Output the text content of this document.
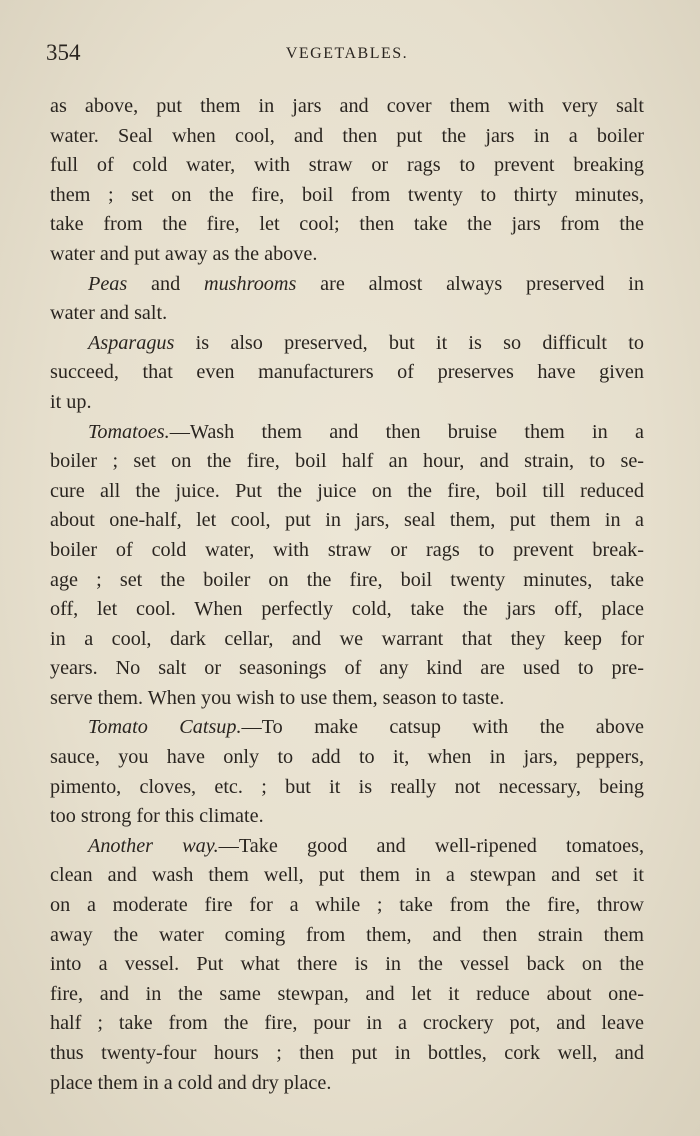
354	VEGETABLES.
as above, put them in jars and cover them with very salt
water. Seal when cool, and then put the jars in a boiler
full of cold water, with straw or rags to prevent breaking
them ; set on the fire, boil from twenty to thirty minutes,
take from the fire, let cool; then take the jars from the
water and put away as the above.
Peas and mushrooms are almost always preserved in
water and salt.
Asparagus is also preserved, but it is so difficult to
succeed, that even manufacturers of preserves have given
it up.
Tomatoes.—Wash them and then bruise them in a
boiler ; set on the fire, boil half an hour, and strain, to se-
cure all the juice. Put the juice on the fire, boil till reduced
about one-half, let cool, put in jars, seal them, put them in a
boiler of cold water, with straw or rags to prevent break-
age ; set the boiler on the fire, boil twenty minutes, take
off, let cool. When perfectly cold, take the jars off, place
in a cool, dark cellar, and we warrant that they keep for
years. No salt or seasonings of any kind are used to pre-
serve them. When you wish to use them, season to taste.
Tomato Catsup.—To make catsup with the above
sauce, you have only to add to it, when in jars, peppers,
pimento, cloves, etc. ; but it is really not necessary, being
too strong for this climate.
Another way.—Take good and well-ripened tomatoes,
clean and wash them well, put them in a stewpan and set it
on a moderate fire for a while ; take from the fire, throw
away the water coming from them, and then strain them
into a vessel. Put what there is in the vessel back on the
fire, and in the same stewpan, and let it reduce about one-
half ; take from the fire, pour in a crockery pot, and leave
thus twenty-four hours ; then put in bottles, cork well, and
place them in a cold and dry place.
